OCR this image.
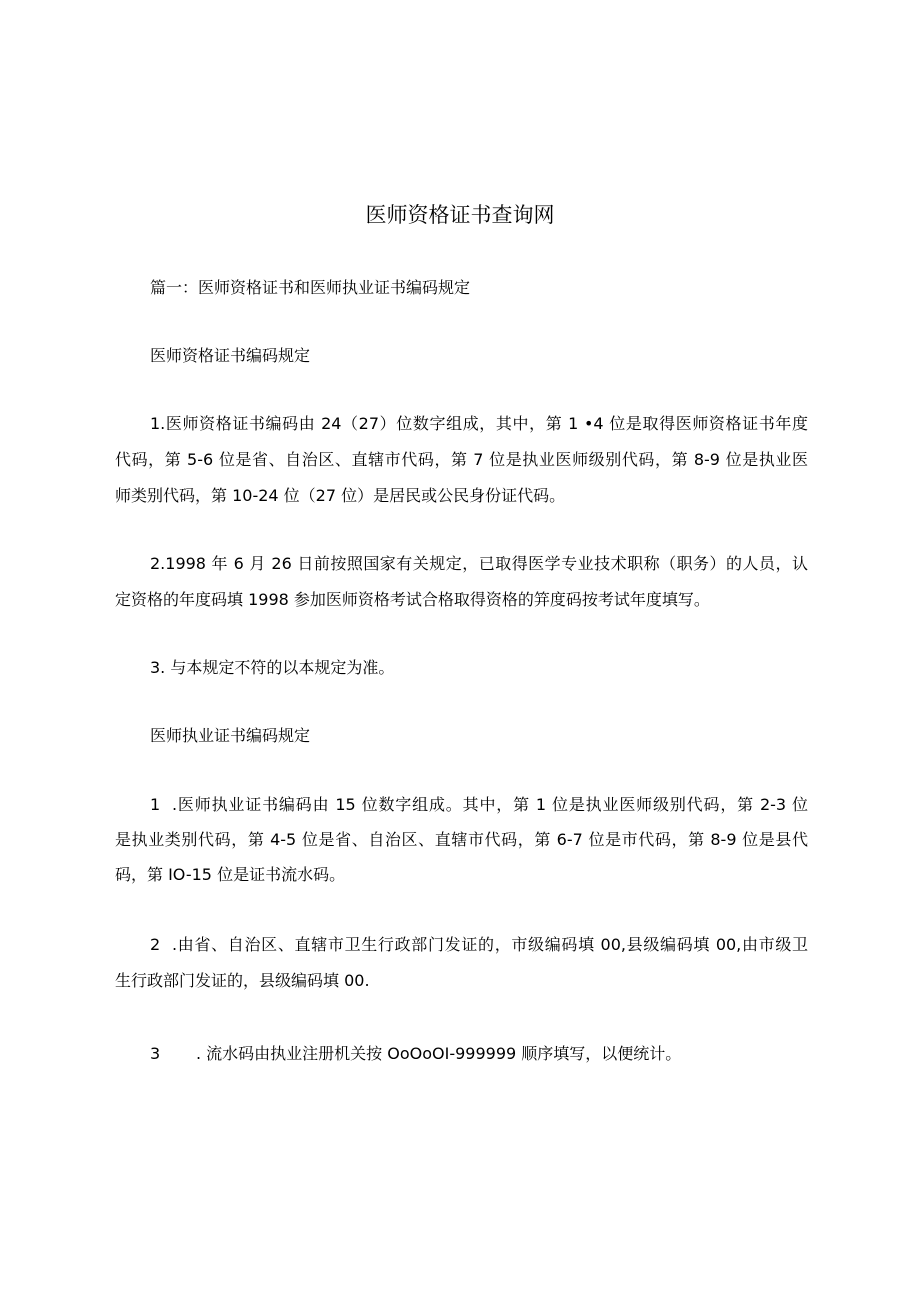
医师资格证书查询网
篇一：医师资格证书和医师执业证书编码规定
医师资格证书编码规定
1.医师资格证书编码由 24（27）位数字组成，其中，第 1 •4 位是取得医师资格证书年度
代码，第 5-6 位是省、自治区、直辖市代码，第 7 位是执业医师级别代码，第 8-9 位是执业医
师类别代码，第 10-24 位（27 位）是居民或公民身份证代码。
2.1998 年 6 月 26 日前按照国家有关规定，已取得医学专业技术职称（职务）的人员，认
定资格的年度码填 1998 参加医师资格考试合格取得资格的笄度码按考试年度填写。
3. 与本规定不符的以本规定为准。
医师执业证书编码规定
1 .医师执业证书编码由 15 位数字组成。其中，第 1 位是执业医师级别代码，第 2-3 位
是执业类别代码，第 4-5 位是省、自治区、直辖市代码，第 6-7 位是市代码，第 8-9 位是县代
码，第 IO-15 位是证书流水码。
2 .由省、自治区、直辖市卫生行政部门发证的，市级编码填 00,县级编码填 00,由市级卫
生行政部门发证的，县级编码填 00.
3 . 流水码由执业注册机关按 OoOoOI-999999 顺序填写，以便统计。
